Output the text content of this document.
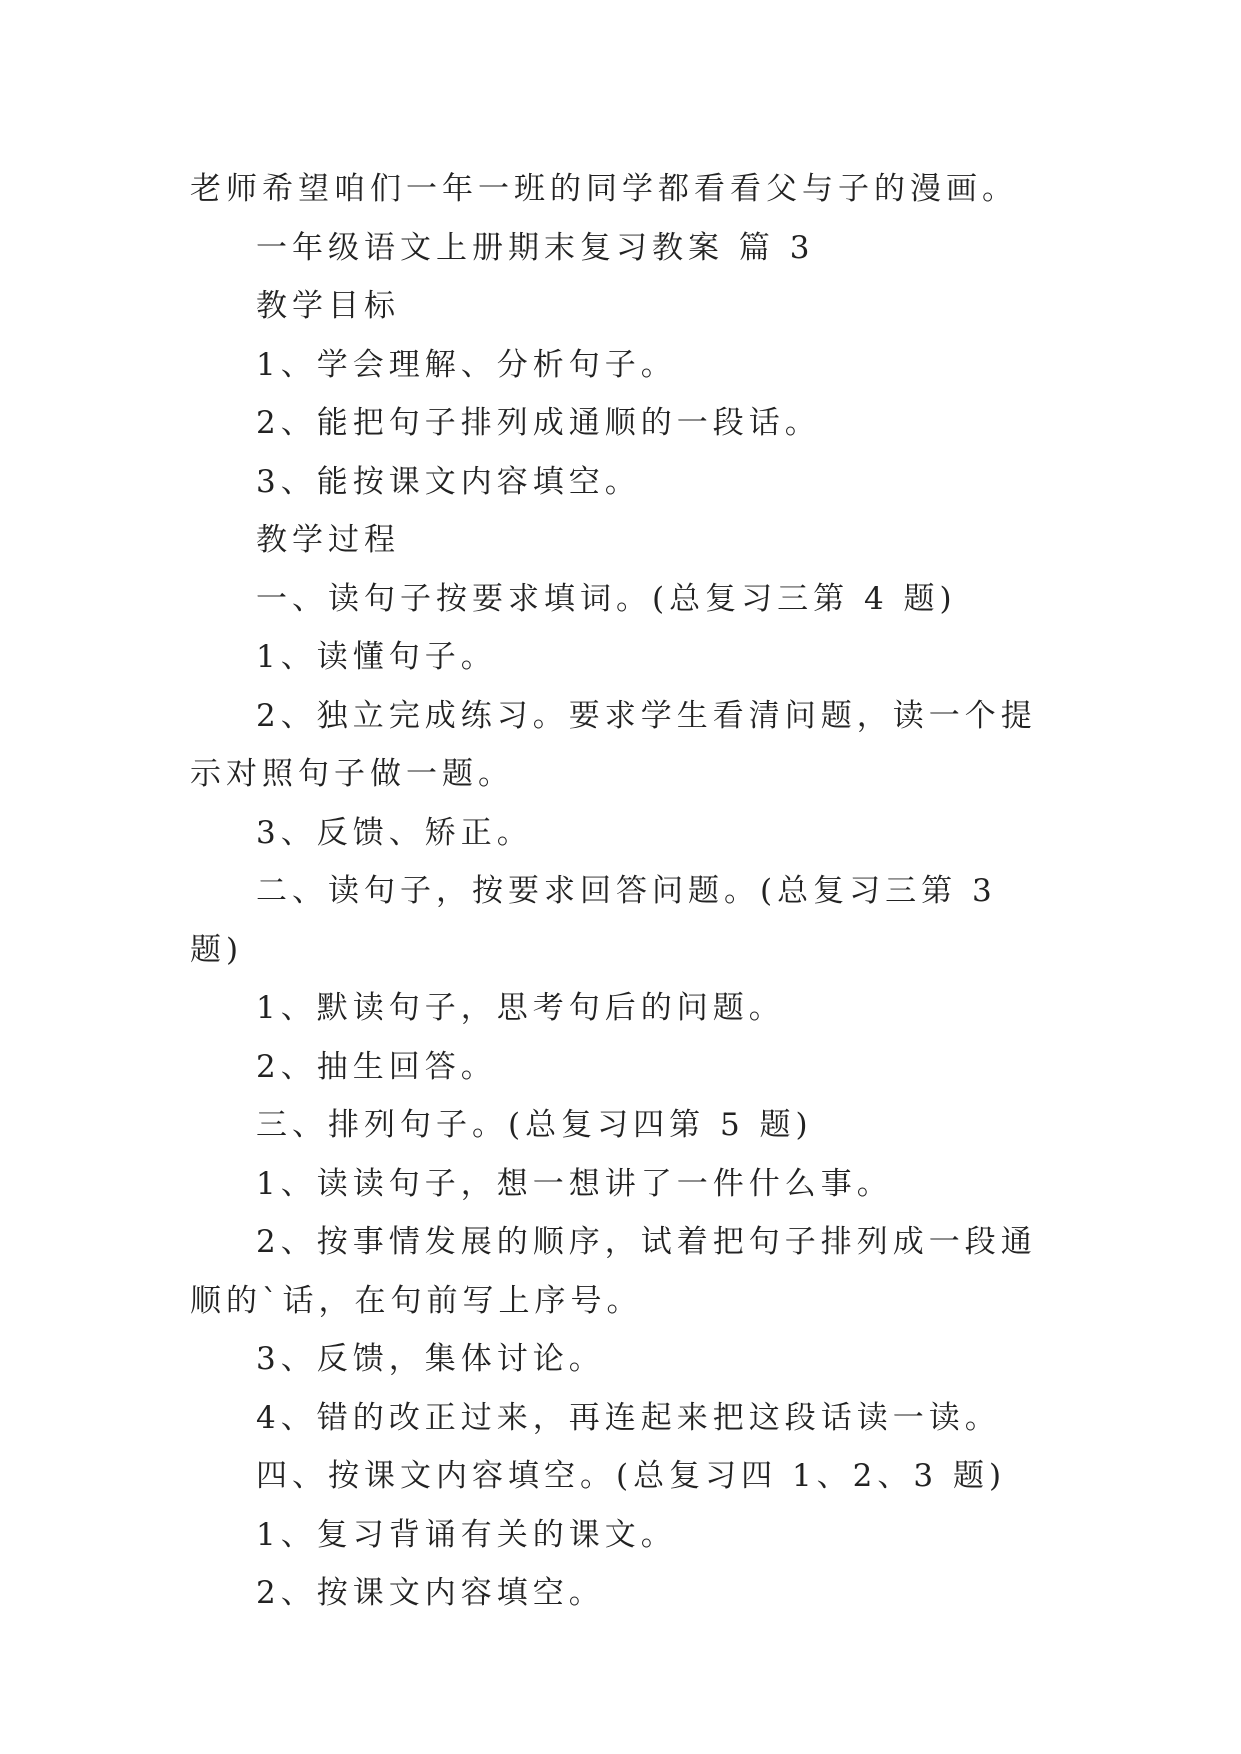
老师希望咱们一年一班的同学都看看父与子的漫画。

一年级语文上册期末复习教案 篇 3

教学目标

1、学会理解、分析句子。

2、能把句子排列成通顺的一段话。

3、能按课文内容填空。

教学过程

一、读句子按要求填词。(总复习三第 4 题)

1、读懂句子。

2、独立完成练习。要求学生看清问题，读一个提示对照句子做一题。

3、反馈、矫正。

二、读句子，按要求回答问题。(总复习三第 3 题)

1、默读句子，思考句后的问题。

2、抽生回答。

三、排列句子。(总复习四第 5 题)

1、读读句子，想一想讲了一件什么事。

2、按事情发展的顺序，试着把句子排列成一段通顺的`话，在句前写上序号。

3、反馈，集体讨论。

4、错的改正过来，再连起来把这段话读一读。

四、按课文内容填空。(总复习四 1、2、3 题)

1、复习背诵有关的课文。

2、按课文内容填空。
